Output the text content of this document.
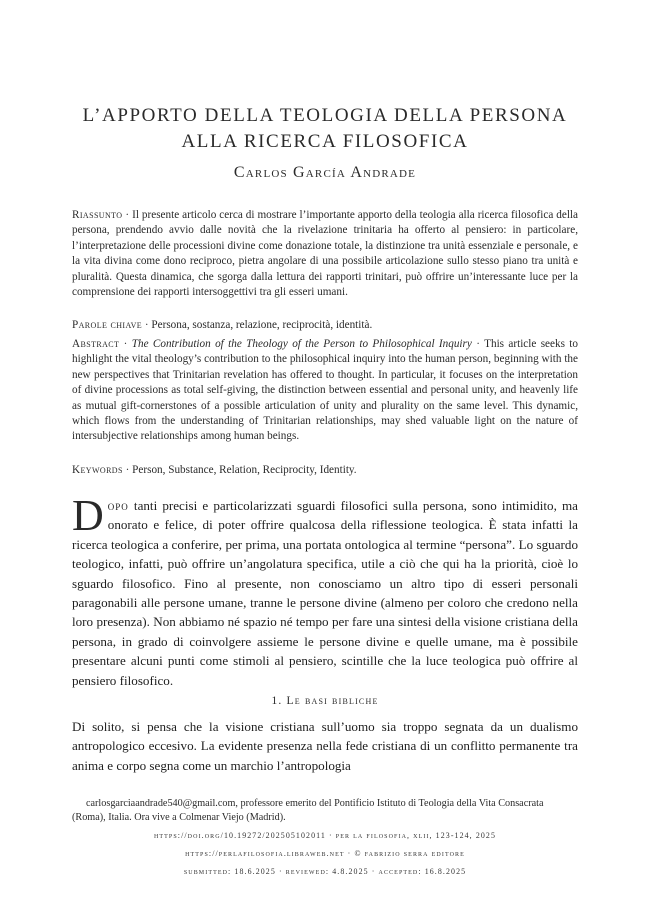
L’APPORTO DELLA TEOLOGIA DELLA PERSONA
ALLA RICERCA FILOSOFICA
Carlos García Andrade
Riassunto · Il presente articolo cerca di mostrare l’importante apporto della teologia alla ricerca filosofica della persona, prendendo avvio dalle novità che la rivelazione trinitaria ha offerto al pensiero: in particolare, l’interpretazione delle processioni divine come donazione totale, la distinzione tra unità essenziale e personale, e la vita divina come dono reciproco, pietra angolare di una possibile articolazione sullo stesso piano tra unità e pluralità. Questa dinamica, che sgorga dalla lettura dei rapporti trinitari, può offrire un’interessante luce per la comprensione dei rapporti intersoggettivi tra gli esseri umani.
Parole chiave · Persona, sostanza, relazione, reciprocità, identità.
Abstract · The Contribution of the Theology of the Person to Philosophical Inquiry · This article seeks to highlight the vital theology’s contribution to the philosophical inquiry into the human person, beginning with the new perspectives that Trinitarian revelation has offered to thought. In particular, it focuses on the interpretation of divine processions as total self-giving, the distinction between essential and personal unity, and heavenly life as mutual gift-cornerstones of a possible articulation of unity and plurality on the same level. This dynamic, which flows from the understanding of Trinitarian relationships, may shed valuable light on the nature of intersubjective relationships among human beings.
Keywords · Person, Substance, Relation, Reciprocity, Identity.
Dopo tanti precisi e particolarizzati sguardi filosofici sulla persona, sono intimidito, ma onorato e felice, di poter offrire qualcosa della riflessione teologica. È stata infatti la ricerca teologica a conferire, per prima, una portata ontologica al termine “persona”. Lo sguardo teologico, infatti, può offrire un’angolatura specifica, utile a ciò che qui ha la priorità, cioè lo sguardo filosofico. Fino al presente, non conosciamo un altro tipo di esseri personali paragonabili alle persone umane, tranne le persone divine (almeno per coloro che credono nella loro presenza). Non abbiamo né spazio né tempo per fare una sintesi della visione cristiana della persona, in grado di coinvolgere assieme le persone divine e quelle umane, ma è possibile presentare alcuni punti come stimoli al pensiero, scintille che la luce teologica può offrire al pensiero filosofico.
1. Le basi bibliche
Di solito, si pensa che la visione cristiana sull’uomo sia troppo segnata da un dualismo antropologico eccesivo. La evidente presenza nella fede cristiana di un conflitto permanente tra anima e corpo segna come un marchio l’antropologia
carlosgarciaandrade540@gmail.com, professore emerito del Pontificio Istituto di Teologia della Vita Consacrata (Roma), Italia. Ora vive a Colmenar Viejo (Madrid).
https://doi.org/10.19272/202505102011 · per la filosofia, xlii, 123-124, 2025
https://perlafilosofia.libraweb.net · © fabrizio serra editore
submitted: 18.6.2025 · reviewed: 4.8.2025 · accepted: 16.8.2025
